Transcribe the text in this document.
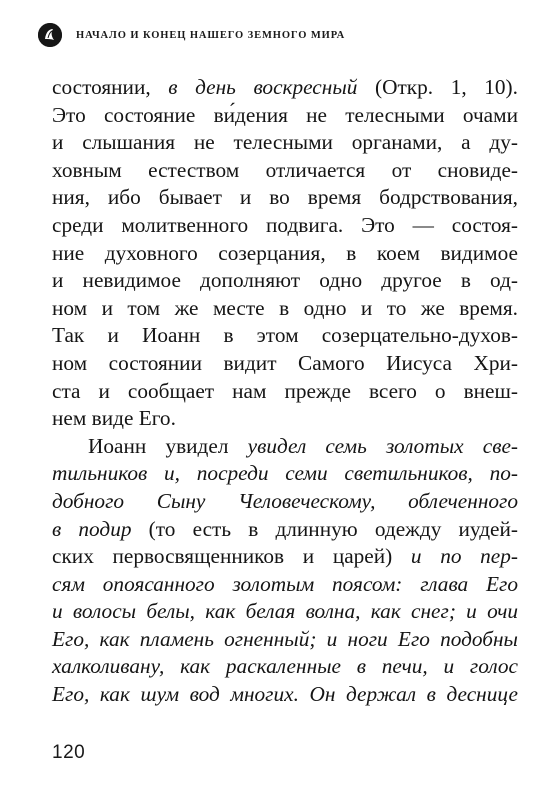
НАЧАЛО И КОНЕЦ НАШЕГО ЗЕМНОГО МИРА
состоянии, в день воскресный (Откр. 1, 10).
Это состояние ви́дения не телесными очами
и слышания не телесными органами, а ду-
ховным естеством отличается от сновиде-
ния, ибо бывает и во время бодрствования,
среди молитвенного подвига. Это — состоя-
ние духовного созерцания, в коем видимое
и невидимое дополняют одно другое в од-
ном и том же месте в одно и то же время.
Так и Иоанн в этом созерцательно-духов-
ном состоянии видит Самого Иисуса Хри-
ста и сообщает нам прежде всего о внеш-
нем виде Его.
Иоанн увидел увидел семь золотых све-
тильников и, посреди семи светильников, по-
добного Сыну Человеческому, облеченного
в подир (то есть в длинную одежду иудей-
ских первосвященников и царей) и по пер-
сям опоясанного золотым поясом: глава Его
и волосы белы, как белая волна, как снег; и очи
Его, как пламень огненный; и ноги Его подобны
халколивану, как раскаленные в печи, и голос
Его, как шум вод многих. Он держал в деснице
120
